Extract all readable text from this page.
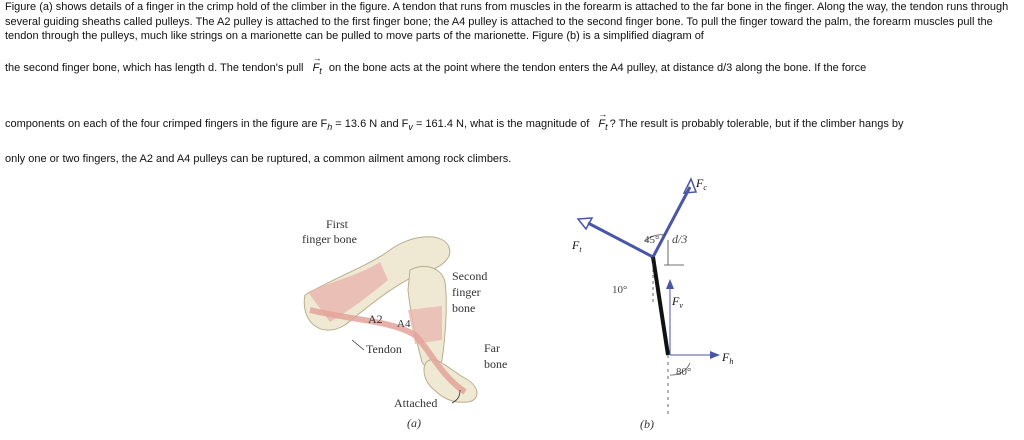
Figure (a) shows details of a finger in the crimp hold of the climber in the figure. A tendon that runs from muscles in the forearm is attached to the far bone in the finger. Along the way, the tendon runs through several guiding sheaths called pulleys. The A2 pulley is attached to the first finger bone; the A4 pulley is attached to the second finger bone. To pull the finger toward the palm, the forearm muscles pull the tendon through the pulleys, much like strings on a marionette can be pulled to move parts of the marionette. Figure (b) is a simplified diagram of

the second finger bone, which has length d. The tendon's pull
→
$F_t$ on the bone acts at the point where the tendon enters the A4 pulley, at distance d/3 along the bone. If the force
components on each of the four crimped fingers in the figure are $F_h = 13.6$ N and $F_v = 161.4$ N, what is the magnitude of
→
$F_t$ ? The result is probably tolerable, but if the climber hangs by
only one or two fingers, the A2 and A4 pulleys can be ruptured, a common ailment among rock climbers.
First
finger bone
Second
finger
bone
A2 A4
Tendon	Far
bone
Attached
(a)
$F_c$
$F_t$
45°
10°
d/3
$F_v$
$F_h$
80°
(b)
